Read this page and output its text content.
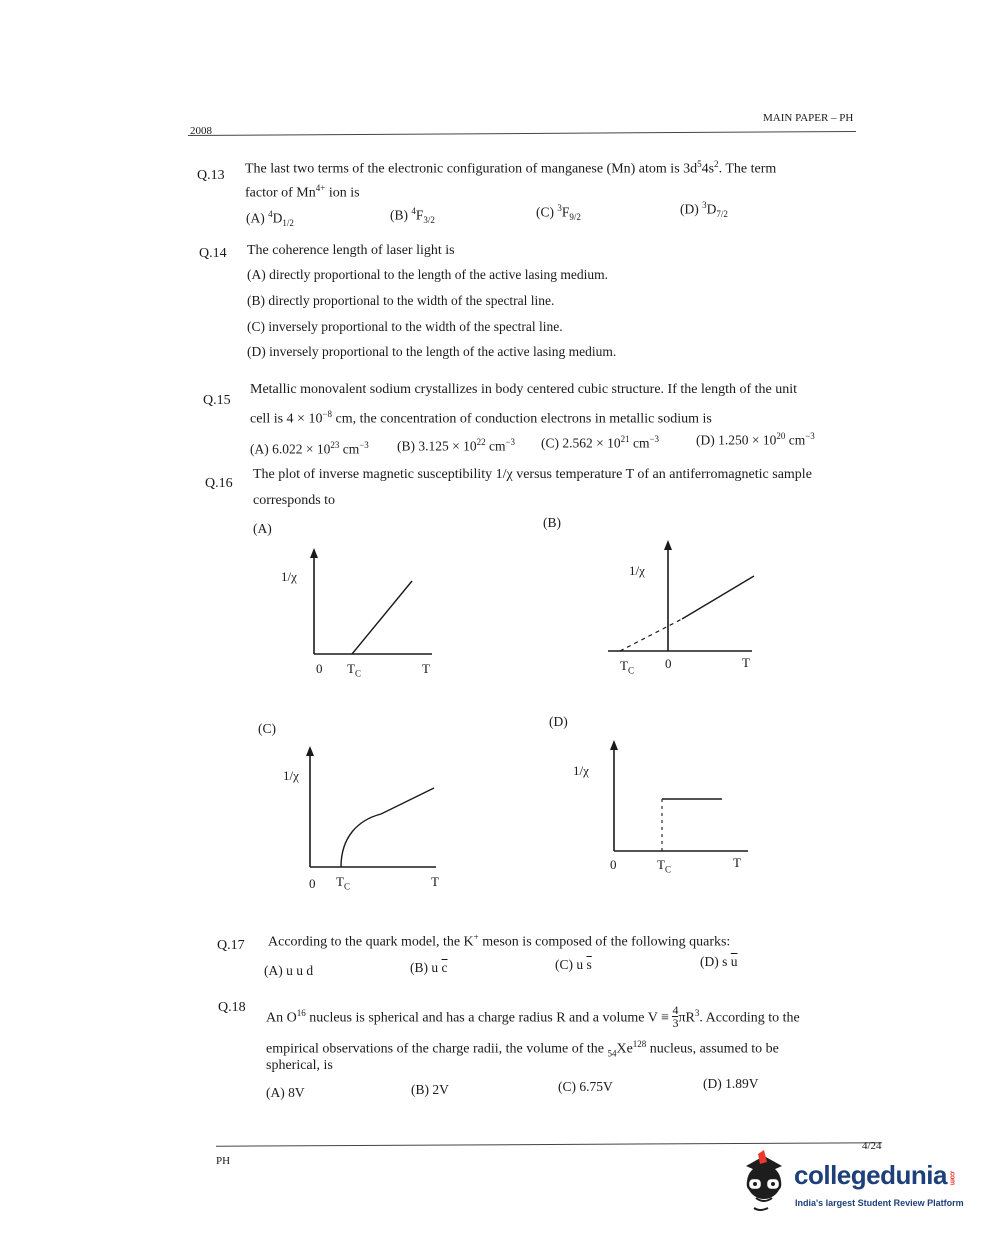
MAIN PAPER – PH
2008
Q.13 The last two terms of the electronic configuration of manganese (Mn) atom is $3d^54s^2$. The term
factor of $Mn^{4+}$ ion is
(A) $^4D_{1/2}$
(B) $^4F_{3/2}$
(C) $^3F_{9/2}$
(D) $^3D_{7/2}$
Q.14 The coherence length of laser light is
(A) directly proportional to the length of the active lasing medium.
(B) directly proportional to the width of the spectral line.
(C) inversely proportional to the width of the spectral line.
(D) inversely proportional to the length of the active lasing medium.
Q.15
Metallic monovalent sodium crystallizes in body centered cubic structure. If the length of the unit
cell is $4 \times 10^{-8}$ cm, the concentration of conduction electrons in metallic sodium is
(A) $6.022 \times 10^{23}$ $cm^{-3}$ (B) $3.125 \times 10^{22}$ $cm^{-3}$ (C) $2.562 \times 10^{21}$ $cm^{-3}$	(D) $1.250 \times 10^{20}$ $cm^{-3}$
Q.16
The plot of inverse magnetic susceptibility 1/χ versus temperature T of an antiferromagnetic sample
corresponds to
(A)	(B)
(C)	(D)
1/χ
0 $T_C$	T
1/χ
$T_C$ 0	T
1/χ
0 $T_C$	T
1/χ
0	$T_C$	T
Q.17 According to the quark model, the K+ meson is composed of the following quarks:
(A) u u d	(B) u $\overline{c}$	(C) u $\overline{s}$	(D) s $\overline{u}$
Q.18
An $O^{16}$ nucleus is spherical and has a charge radius R and a volume $V \equiv \frac{4}{3} \pi R^3$. According to the
empirical observations of the charge radii, the volume of the $_{54}Xe^{128}$ nucleus, assumed to be
spherical, is
(A) 8V	(B) 2V	(C) 6.75V	(D) 1.89V
4/24
PH	collegedunia .com
India's largest Student Review Platform
